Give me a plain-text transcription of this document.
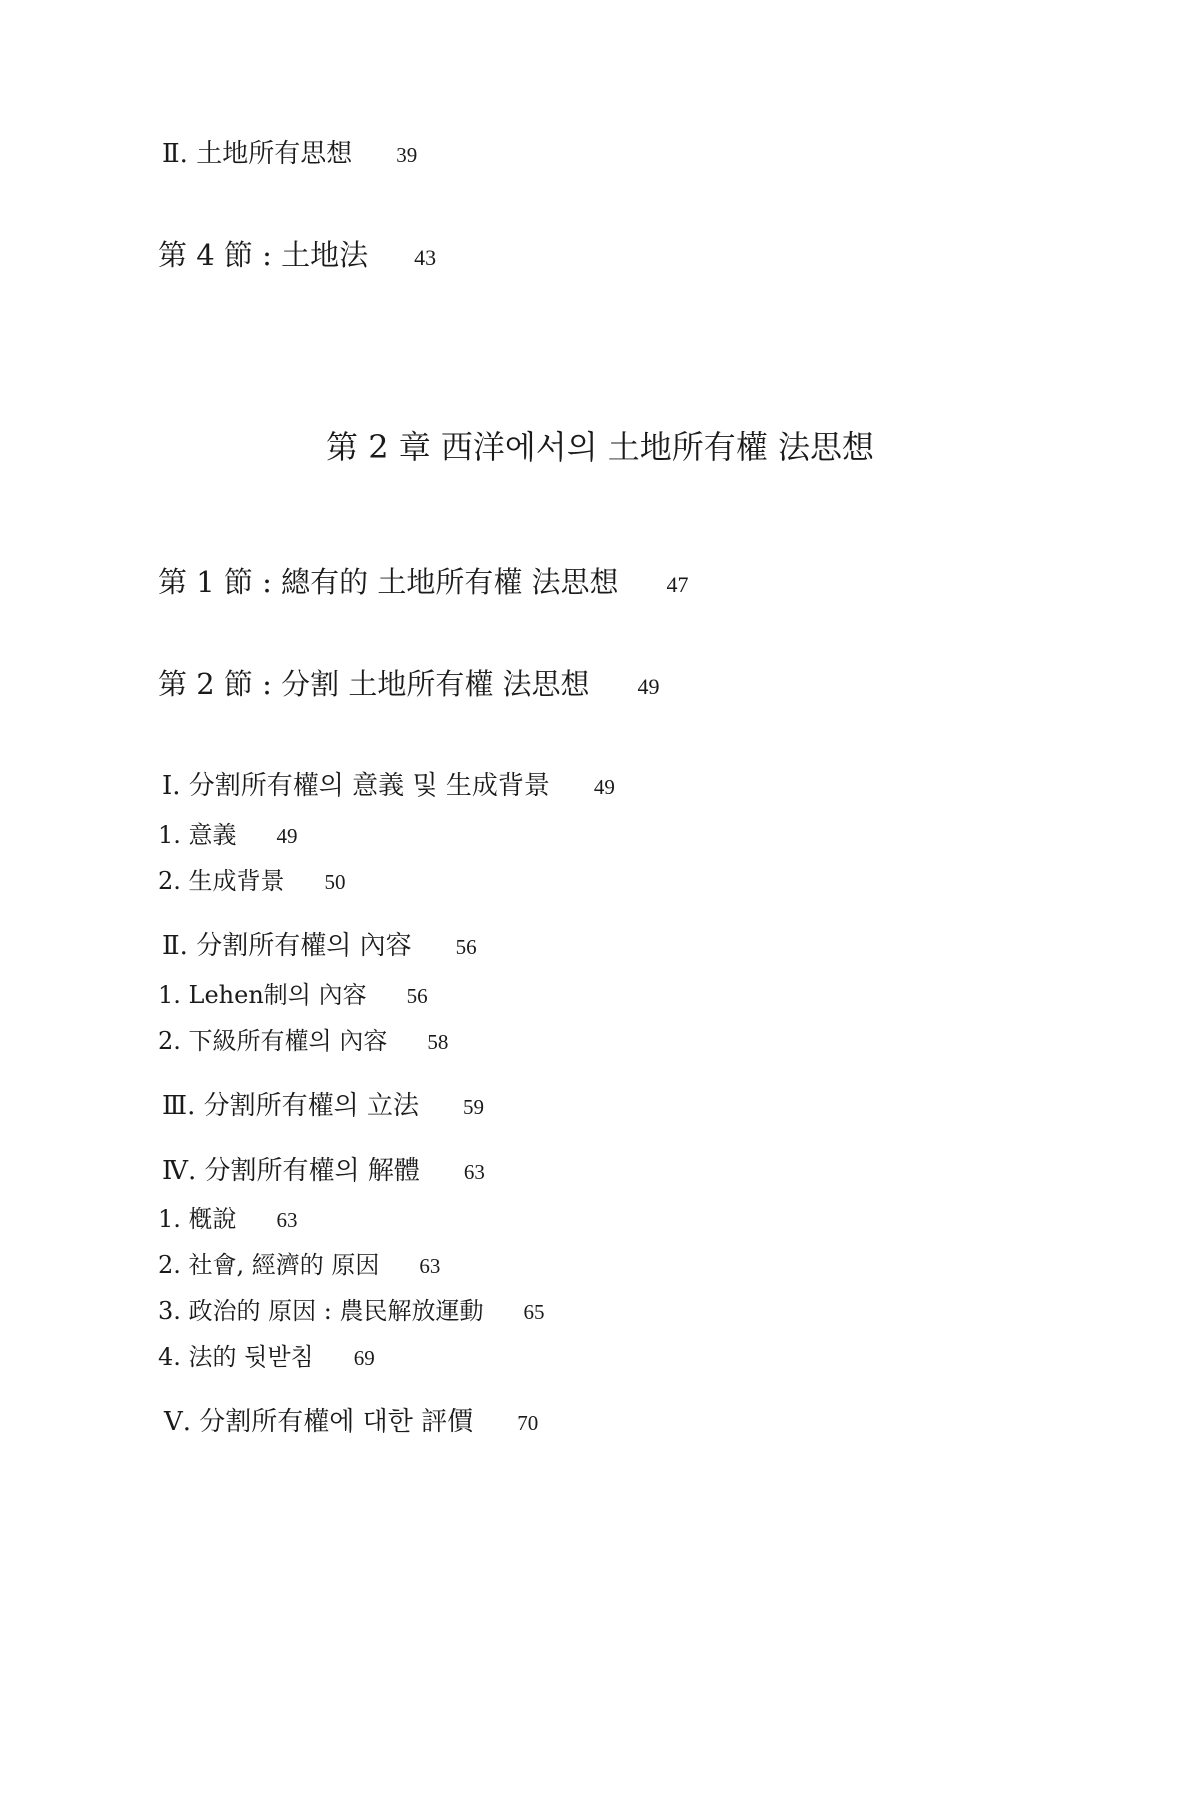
Ⅱ. 土地所有思想 39
第 4 節 : 土地法 43
第 2 章 西洋에서의 土地所有權 法思想
第 1 節 : 總有的 土地所有權 法思想 47
第 2 節 : 分割 土地所有權 法思想 49
Ⅰ. 分割所有權의 意義 및 生成背景 49
1. 意義 49
2. 生成背景 50
Ⅱ. 分割所有權의 內容 56
1. Lehen制의 內容 56
2. 下級所有權의 內容 58
Ⅲ. 分割所有權의 立法 59
Ⅳ. 分割所有權의 解體 63
1. 槪說 63
2. 社會, 經濟的 原因 63
3. 政治的 原因 : 農民解放運動 65
4. 法的 뒷받침 69
Ⅴ. 分割所有權에 대한 評價 70
